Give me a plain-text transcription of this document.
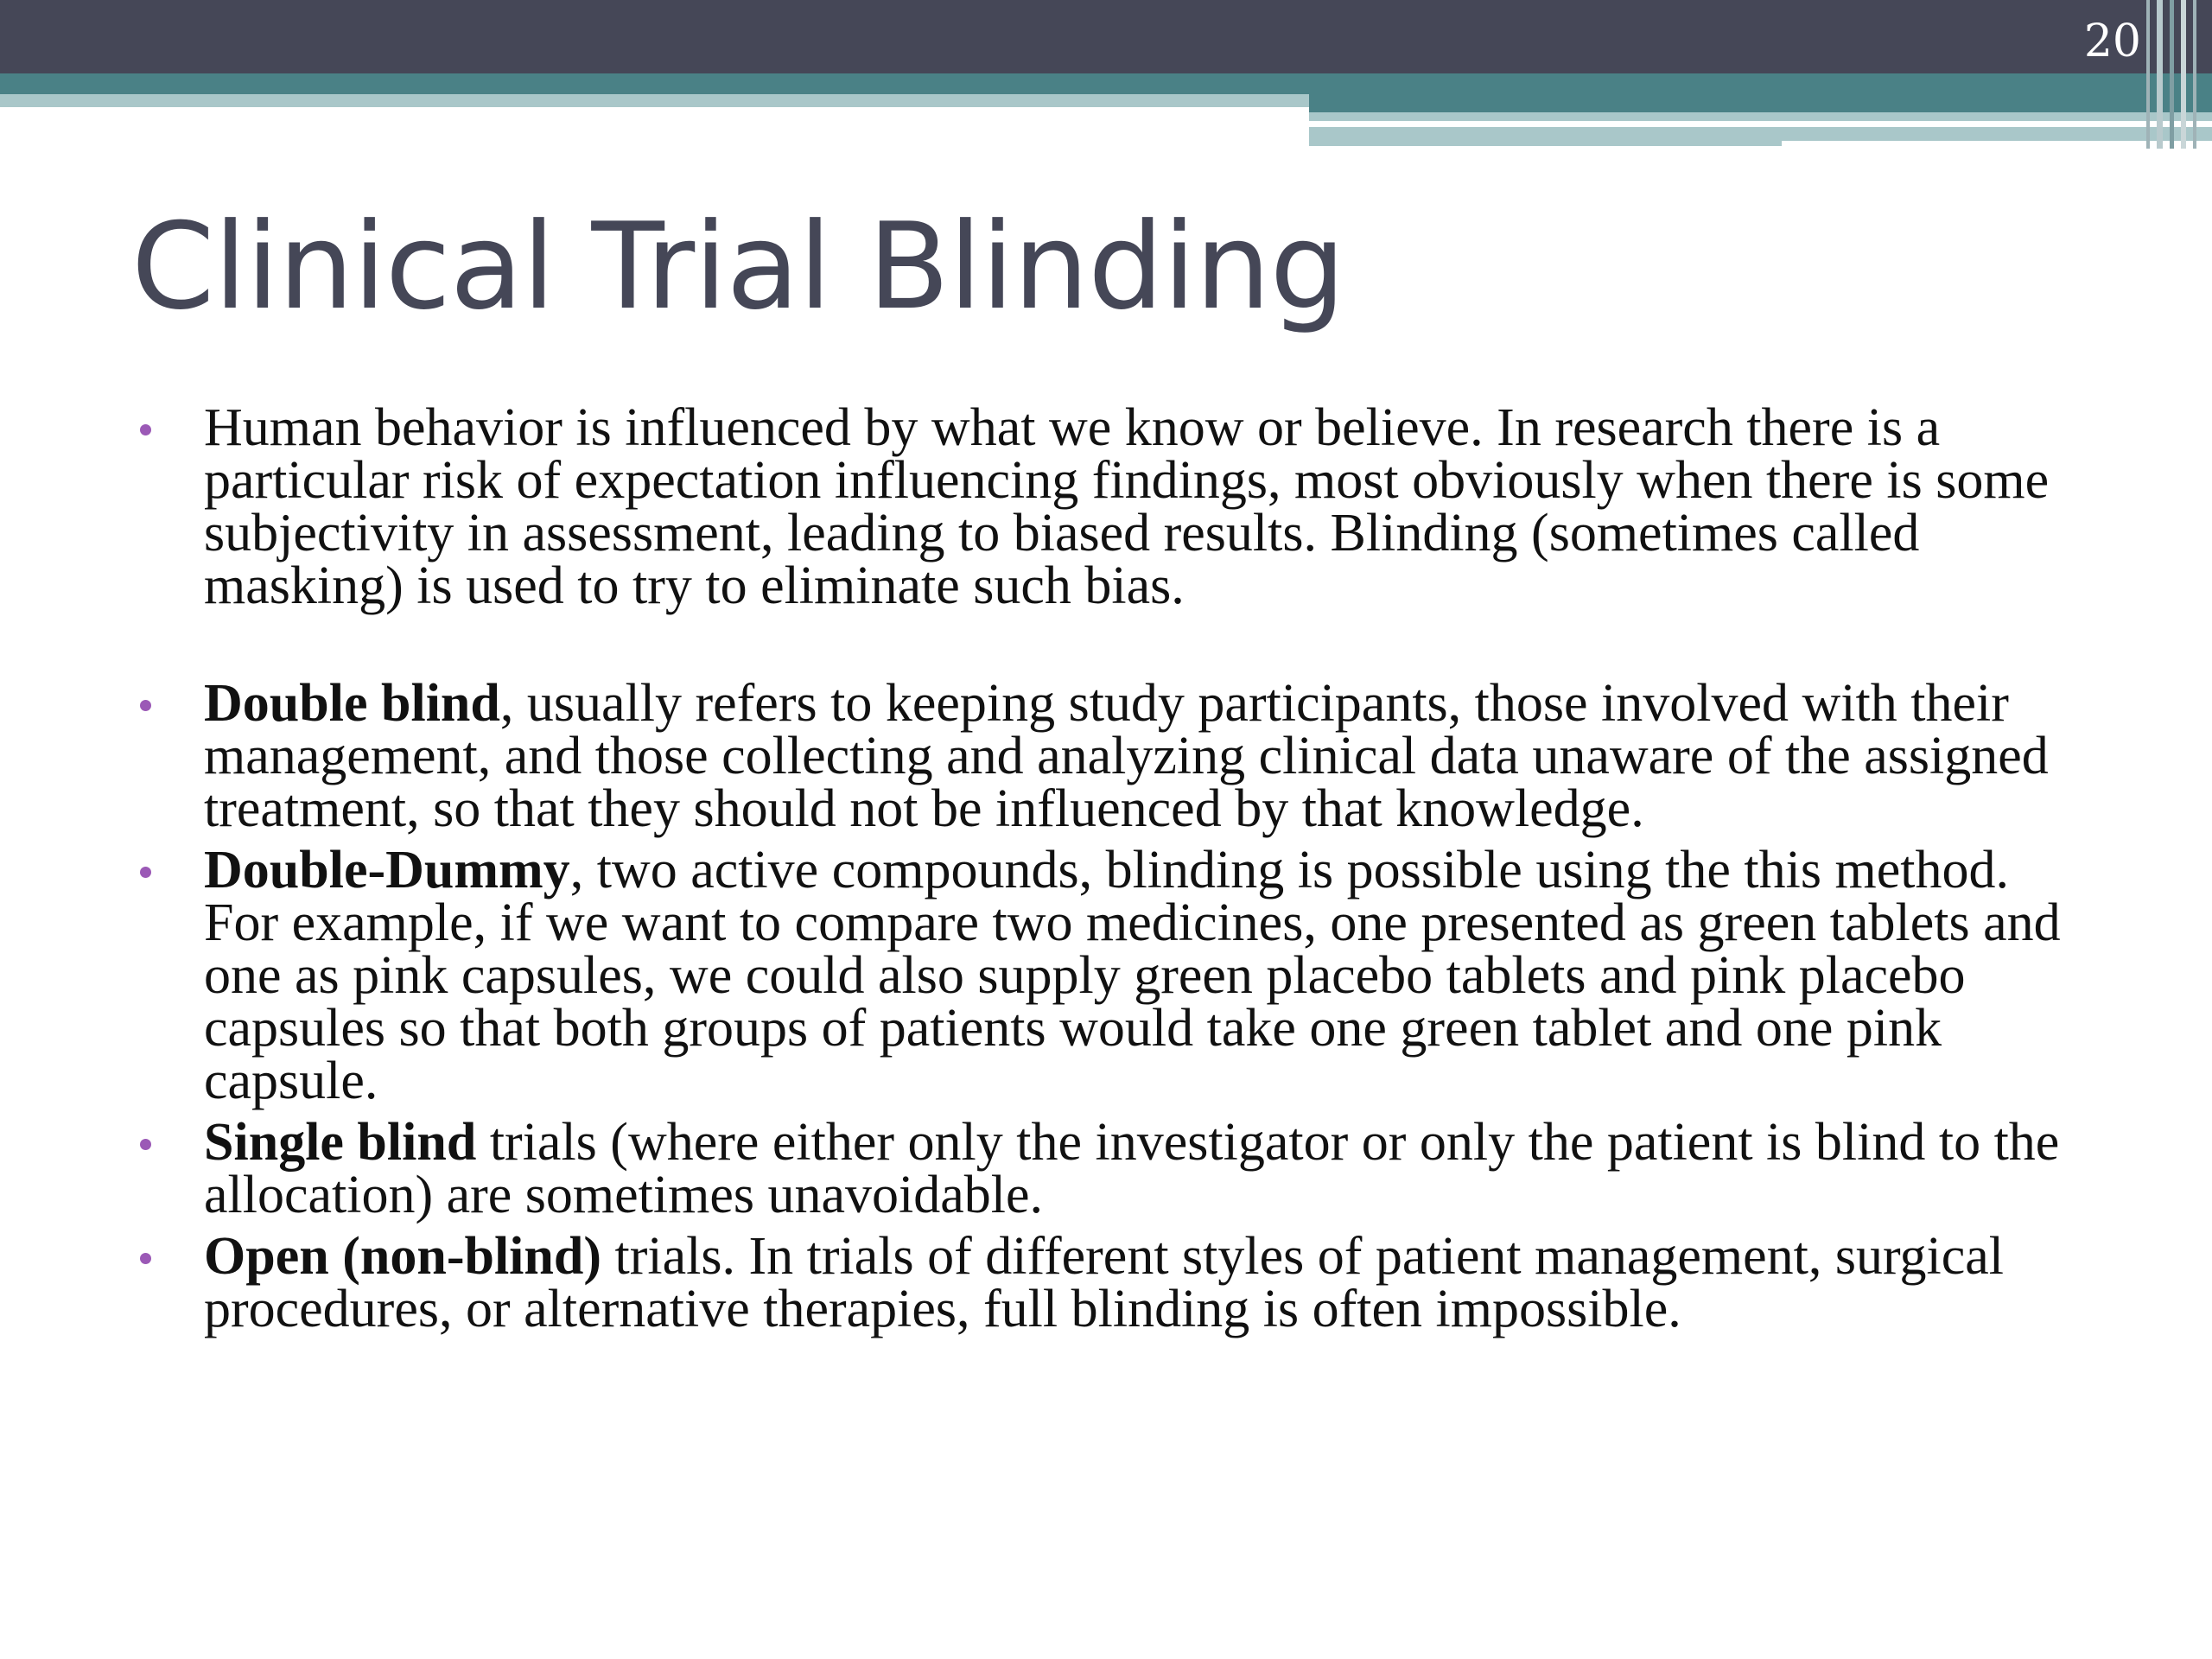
20
Clinical Trial Blinding
Human behavior is influenced by what we know or believe. In research there is a particular risk of expectation influencing findings, most obviously when there is some subjectivity in assessment, leading to biased results. Blinding (sometimes called masking) is used to try to eliminate such bias.
Double blind, usually refers to keeping study participants, those involved with their management, and those collecting and analyzing clinical data unaware of the assigned treatment, so that they should not be influenced by that knowledge.
Double-Dummy, two active compounds, blinding is possible using the this method. For example, if we want to compare two medicines, one presented as green tablets and one as pink capsules, we could also supply green placebo tablets and pink placebo capsules so that both groups of patients would take one green tablet and one pink capsule.
Single blind trials (where either only the investigator or only the patient is blind to the allocation) are sometimes unavoidable.
Open (non-blind) trials. In trials of different styles of patient management, surgical procedures, or alternative therapies, full blinding is often impossible.
